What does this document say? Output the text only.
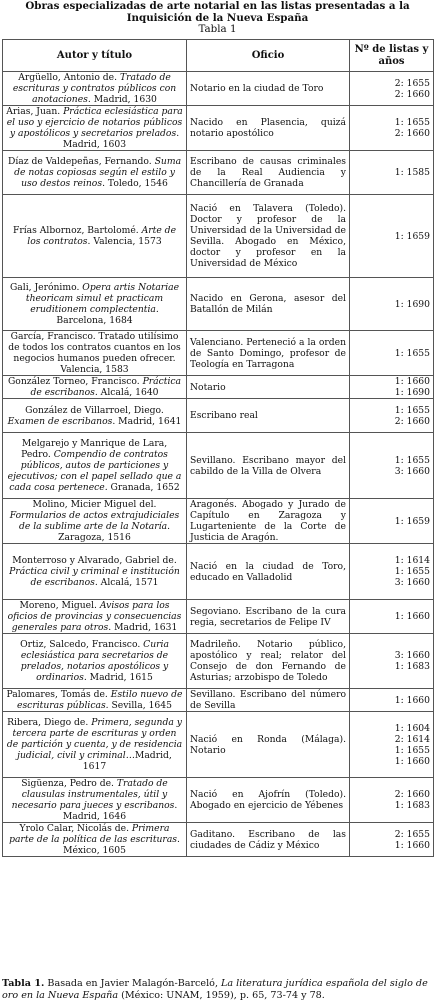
Obras especializadas de arte notarial en las listas presentadas a la Inquisición de la Nueva España

Tabla 1

Autor y título	Oficio	Nº de listas y años
Argüello, Antonio de. Tratado de escrituras y contratos públicos con anotaciones. Madrid, 1630	Notario en la ciudad de Toro	2: 1655
2: 1660

Arias, Juan. Práctica eclesiástica para el uso y ejercicio de notarios públicos y apostólicos y secretarios prelados. Madrid, 1603	Nacido en Plasencia, quizá notario apostólico	1: 1655
2: 1660

Díaz de Valdepeñas, Fernando. Suma de notas copiosas según el estilo y uso destos reinos. Toledo, 1546	Escribano de causas criminales de la Real Audiencia y Chancillería de Granada	1: 1585

Frías Albornoz, Bartolomé. Arte de los contratos. Valencia, 1573	Nació en Talavera (Toledo). Doctor y profesor de la Universidad de la Universidad de Sevilla. Abogado en México, doctor y profesor en la Universidad de México	1: 1659

Gali, Jerónimo. Opera artis Notariae theoricam simul et practicam eruditionem complectentia. Barcelona, 1684	Nacido en Gerona, asesor del Batallón de Milán	1: 1690

García, Francisco. Tratado utilísimo de todos los contratos cuantos en los negocios humanos pueden ofrecer. Valencia, 1583	Valenciano. Perteneció a la orden de Santo Domingo, profesor de Teología en Tarragona	1: 1655

González Torneo, Francisco. Práctica de escribanos. Alcalá, 1640	Notario	1: 1660
1: 1690

González de Villarroel, Diego. Examen de escribanos. Madrid, 1641	Escribano real	1: 1655
2: 1660

Melgarejo y Manrique de Lara, Pedro. Compendio de contratos públicos, autos de particiones y ejecutivos; con el papel sellado que a cada cosa pertenece. Granada, 1652	Sevillano. Escribano mayor del cabildo de la Villa de Olvera	1: 1655
3: 1660

Molino, Micier Miguel del. Formularios de actos extrajudiciales de la sublime arte de la Notaría. Zaragoza, 1516	Aragonés. Abogado y Jurado de Capítulo en Zaragoza y Lugarteniente de la Corte de Justicia de Aragón.	1: 1659

Monterroso y Alvarado, Gabriel de. Práctica civil y criminal e institución de escribanos. Alcalá, 1571	Nació en la ciudad de Toro, educado en Valladolid	1: 1614
1: 1655
3: 1660

Moreno, Miguel. Avisos para los oficios de provincias y consecuencias generales para otros. Madrid, 1631	Segoviano. Escribano de la cura regia, secretarios de Felipe IV	1: 1660

Ortiz, Salcedo, Francisco. Curia eclesiástica para secretarios de prelados, notarios apostólicos y ordinarios. Madrid, 1615	Madrileño. Notario público, apostólico y real; relator del Consejo de don Fernando de Asturias; arzobispo de Toledo	3: 1660
1: 1683

Palomares, Tomás de. Estilo nuevo de escrituras públicas. Sevilla, 1645	Sevillano. Escribano del número de Sevilla	1: 1660

Ribera, Diego de. Primera, segunda y tercera parte de escrituras y orden de partición y cuenta, y de residencia judicial, civil y criminal…Madrid, 1617	Nació en Ronda (Málaga). Notario	1: 1604
2: 1614
1: 1655
1: 1660

Sigüenza, Pedro de. Tratado de clausulas instrumentales, útil y necesario para jueces y escribanos. Madrid, 1646	Nació en Ajofrín (Toledo). Abogado en ejercicio de Yébenes	2: 1660
1: 1683

Yrolo Calar, Nicolás de. Primera parte de la política de las escrituras. México, 1605	Gaditano. Escribano de las ciudades de Cádiz y México	2: 1655
1: 1660
Tabla 1. Basada en Javier Malagón-Barceló, La literatura jurídica española del siglo de oro en la Nueva España (México: UNAM, 1959), p. 65, 73-74 y 78.
